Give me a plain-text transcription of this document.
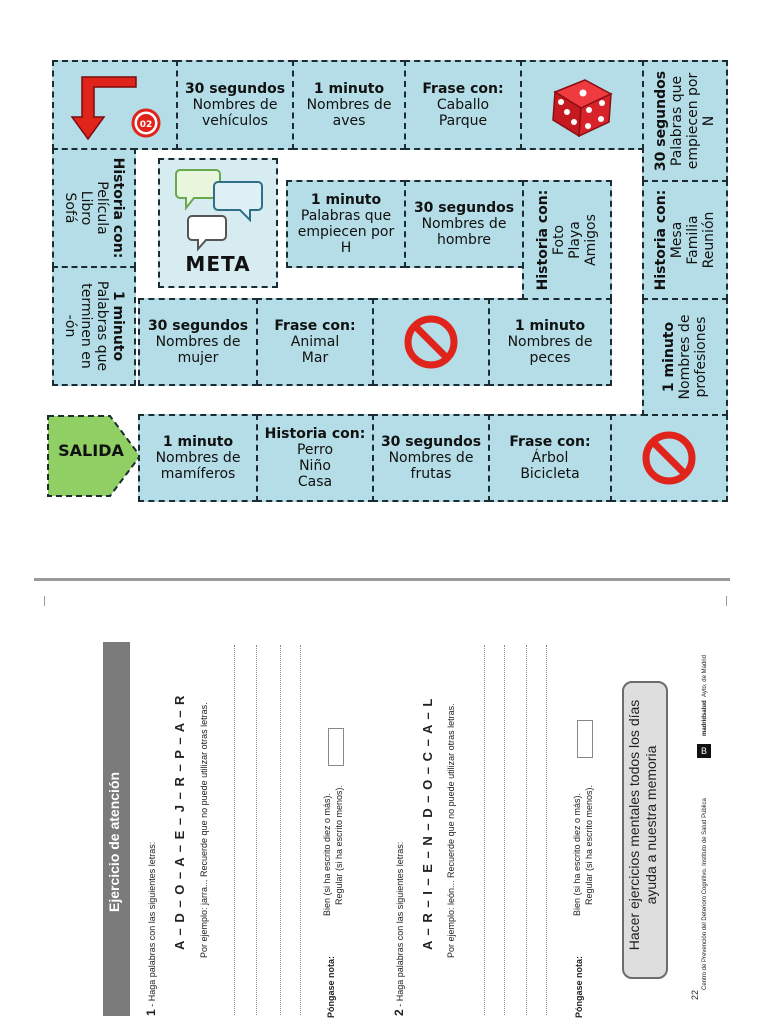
SALIDA	1 minuto
Nombres de
mamíferos
Historia con:
Perro
Niño
Casa
30 segundos
Nombres de
frutas
Frase con:
Árbol
Bicicleta
1 minuto Nombres de profesiones
Historia con: Mesa Familia Reunión
30 segundos Palabras que empiecen por N
Frase con:
Caballo
Parque
1 minuto
Nombres de
aves
30 segundos
Nombres de
vehículos
02
Historia con:
Película
Libro
Sofá
1 minuto
Palabras que
terminen en
-ón	30 segundos
Nombres de
mujer
Frase con:
Animal
Mar
1 minuto
Nombres de
peces
Historia con: Foto Playa Amigos
1 minuto
Palabras que
empiecen por
H
30 segundos
Nombres de
hombre
META
Ejercicio de atención
1 - Haga palabras con las siguientes letras: A – D – O – A – E – J – R – P – A – R Por ejemplo: jarra... Recuerde que no puede utilizar otras letras.
Póngase nota:
Bien (si ha escrito diez o más). Regular (si ha escrito menos).
2 - Haga palabras con las siguientes letras: A – R – I – E – N – D – O – C – A – L Por ejemplo: león... Recuerde que no puede utilizar otras letras.
Póngase nota:
Bien (si ha escrito diez o más). Regular (si ha escrito menos). Hacer ejercicios mentales todos los días ayuda a nuestra memoria
22
Centro de Prevención del Deterioro Cognitivo. Instituto de Salud Pública
B
madridsalud
Ayto. de Madrid
